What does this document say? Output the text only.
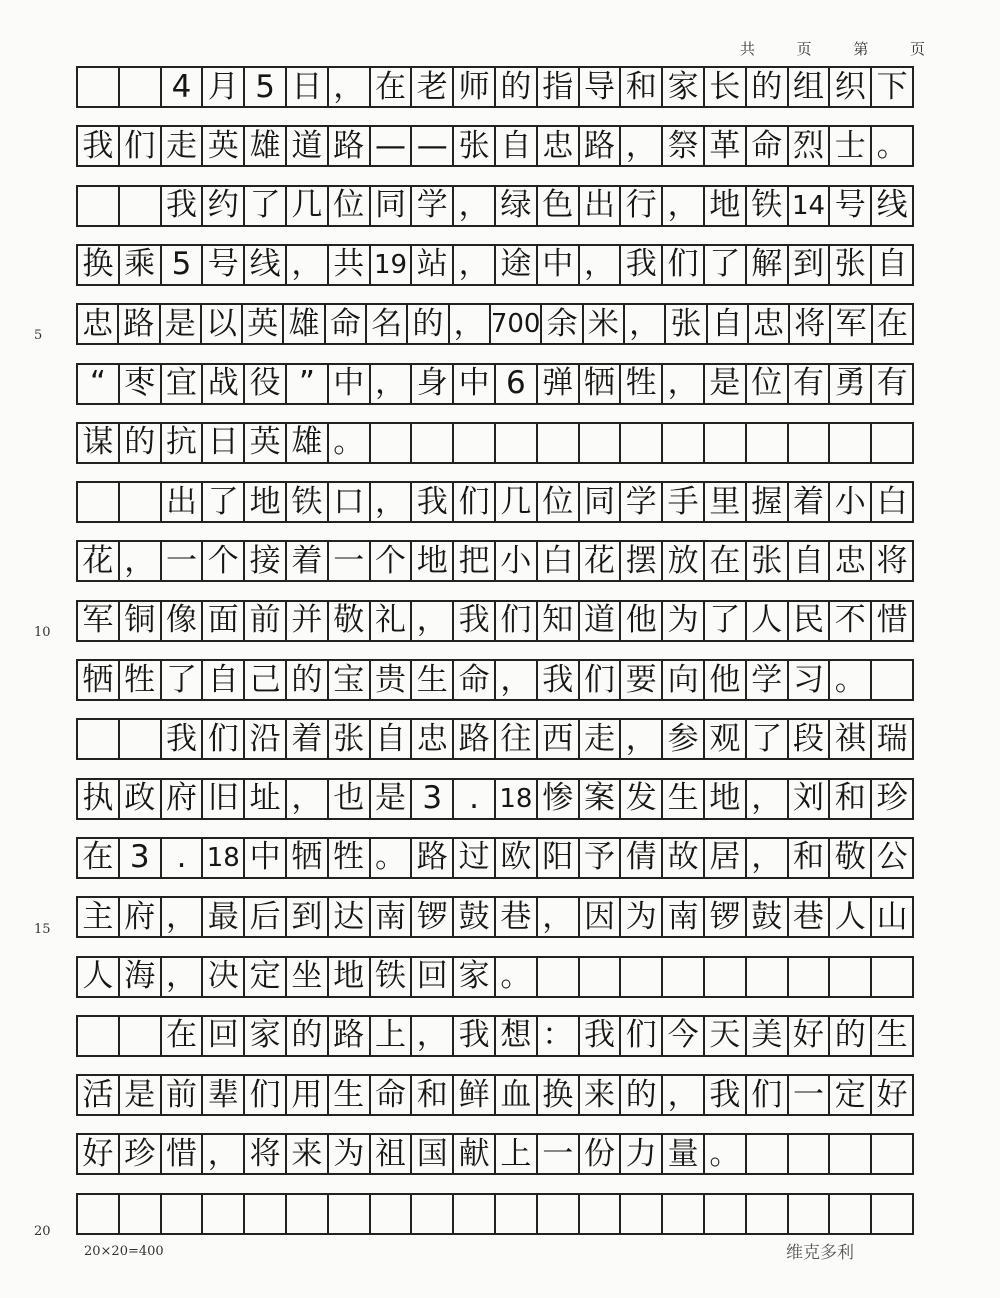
共	页	第	页
4 月 5 日 ， 在 老 师 的 指 导 和 家 长 的 组 织 下
我 们 走 英 雄 道 路 — — 张 自 忠 路 ， 祭 革 命 烈 士 。
我 约 了 几 位 同 学 ， 绿 色 出 行 ， 地 铁 14 号 线
换 乘 5 号 线 ， 共 19 站 ， 途 中 ， 我 们 了 解 到 张 自
忠 路 是 以 英 雄 命 名 的 ， 700 余 米 ， 张 自 忠 将 军 在
“ 枣 宜 战 役 ” 中 ， 身 中 6 弹 牺 牲 ， 是 位 有 勇 有
谋 的 抗 日 英 雄 。
出 了 地 铁 口 ， 我 们 几 位 同 学 手 里 握 着 小 白
花 ， 一 个 接 着 一 个 地 把 小 白 花 摆 放 在 张 自 忠 将
军 铜 像 面 前 并 敬 礼 ， 我 们 知 道 他 为 了 人 民 不 惜
牺 牲 了 自 己 的 宝 贵 生 命 ， 我 们 要 向 他 学 习 。
我 们 沿 着 张 自 忠 路 往 西 走 ， 参 观 了 段 祺 瑞
执 政 府 旧 址 ， 也 是 3 . 18 惨 案 发 生 地 ， 刘 和 珍
在 3 . 18 中 牺 牲 。 路 过 欧 阳 予 倩 故 居 ， 和 敬 公
主 府 ， 最 后 到 达 南 锣 鼓 巷 ， 因 为 南 锣 鼓 巷 人 山
人 海 ， 决 定 坐 地 铁 回 家 。
在 回 家 的 路 上 ， 我 想 ： 我 们 今 天 美 好 的 生
活 是 前 辈 们 用 生 命 和 鲜 血 换 来 的 ， 我 们 一 定 好
好 珍 惜 ， 将 来 为 祖 国 献 上 一 份 力 量 。
5
10
15
20
20×20=400	维克多利
